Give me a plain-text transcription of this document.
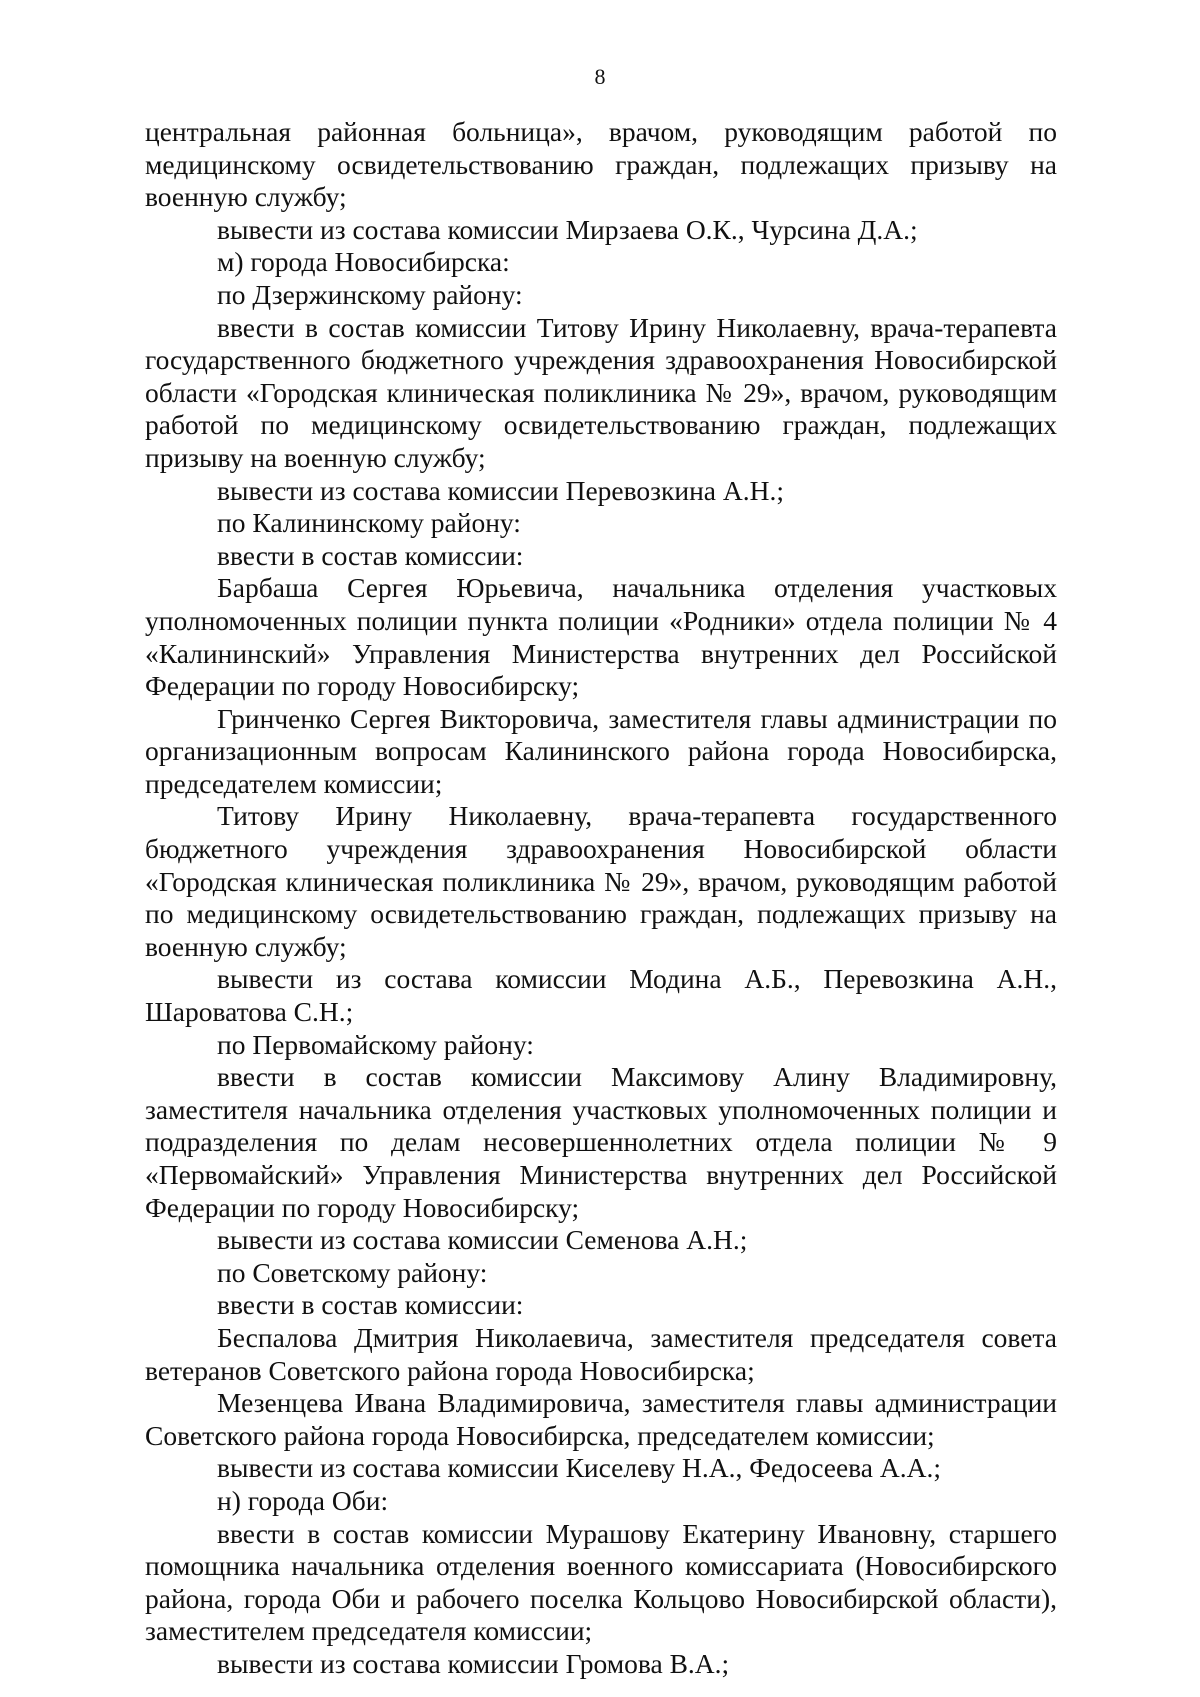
8

центральная районная больница», врачом, руководящим работой по медицинскому освидетельствованию граждан, подлежащих призыву на военную службу;

вывести из состава комиссии Мирзаева О.К., Чурсина Д.А.;

м) города Новосибирска:

по Дзержинскому району:

ввести в состав комиссии Титову Ирину Николаевну, врача-терапевта государственного бюджетного учреждения здравоохранения Новосибирской области «Городская клиническая поликлиника № 29», врачом, руководящим работой по медицинскому освидетельствованию граждан, подлежащих призыву на военную службу;

вывести из состава комиссии Перевозкина А.Н.;

по Калининскому району:

ввести в состав комиссии:

Барбаша Сергея Юрьевича, начальника отделения участковых уполномоченных полиции пункта полиции «Родники» отдела полиции № 4 «Калининский» Управления Министерства внутренних дел Российской Федерации по городу Новосибирску;

Гринченко Сергея Викторовича, заместителя главы администрации по организационным вопросам Калининского района города Новосибирска, председателем комиссии;

Титову Ирину Николаевну, врача-терапевта государственного бюджетного учреждения здравоохранения Новосибирской области «Городская клиническая поликлиника № 29», врачом, руководящим работой по медицинскому освидетельствованию граждан, подлежащих призыву на военную службу;

вывести из состава комиссии Модина А.Б., Перевозкина А.Н., Шароватова С.Н.;

по Первомайскому району:

ввести в состав комиссии Максимову Алину Владимировну, заместителя начальника отделения участковых уполномоченных полиции и подразделения по делам несовершеннолетних отдела полиции № 9 «Первомайский» Управления Министерства внутренних дел Российской Федерации по городу Новосибирску;

вывести из состава комиссии Семенова А.Н.;

по Советскому району:

ввести в состав комиссии:

Беспалова Дмитрия Николаевича, заместителя председателя совета ветеранов Советского района города Новосибирска;

Мезенцева Ивана Владимировича, заместителя главы администрации Советского района города Новосибирска, председателем комиссии;

вывести из состава комиссии Киселеву Н.А., Федосеева А.А.;

н) города Оби:

ввести в состав комиссии Мурашову Екатерину Ивановну, старшего помощника начальника отделения военного комиссариата (Новосибирского района, города Оби и рабочего поселка Кольцово Новосибирской области), заместителем председателя комиссии;

вывести из состава комиссии Громова В.А.;
